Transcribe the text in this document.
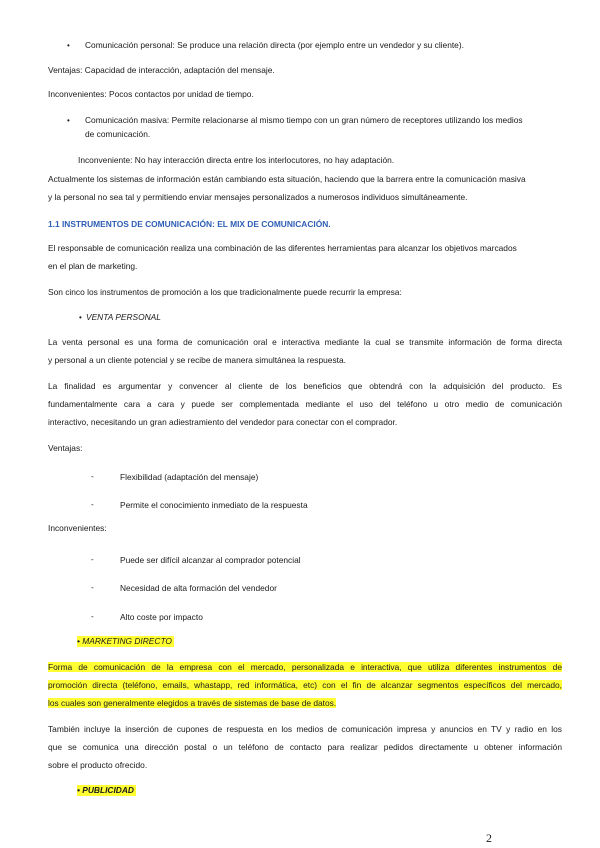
• Comunicación personal: Se produce una relación directa (por ejemplo entre un vendedor y su cliente).
Ventajas: Capacidad de interacción, adaptación del mensaje.
Inconvenientes: Pocos contactos por unidad de tiempo.
• Comunicación masiva: Permite relacionarse al mismo tiempo con un gran número de receptores utilizando los medios
de comunicación.
Inconveniente: No hay interacción directa entre los interlocutores, no hay adaptación.
Actualmente los sistemas de información están cambiando esta situación, haciendo que la barrera entre la comunicación masiva
y la personal no sea tal y permitiendo enviar mensajes personalizados a numerosos individuos simultáneamente.
1.1 INSTRUMENTOS DE COMUNICACIÓN: EL MIX DE COMUNICACIÓN.
El responsable de comunicación realiza una combinación de las diferentes herramientas para alcanzar los objetivos marcados
en el plan de marketing.
Son cinco los instrumentos de promoción a los que tradicionalmente puede recurrir la empresa:
• VENTA PERSONAL
La venta personal es una forma de comunicación oral e interactiva mediante la cual se transmite información de forma directa
y personal a un cliente potencial y se recibe de manera simultánea la respuesta.
La finalidad es argumentar y convencer al cliente de los beneficios que obtendrá con la adquisición del producto. Es
fundamentalmente cara a cara y puede ser complementada mediante el uso del teléfono u otro medio de comunicación
interactivo, necesitando un gran adiestramiento del vendedor para conectar con el comprador.
Ventajas:
-	Flexibilidad (adaptación del mensaje)
-	Permite el conocimiento inmediato de la respuesta
Inconvenientes:
-	Puede ser difícil alcanzar al comprador potencial
-	Necesidad de alta formación del vendedor
-	Alto coste por impacto
• MARKETING DIRECTO
Forma de comunicación de la empresa con el mercado, personalizada e interactiva, que utiliza diferentes instrumentos de
promoción directa (teléfono, emails, whastapp, red informática, etc) con el fin de alcanzar segmentos específicos del mercado,
los cuales son generalmente elegidos a través de sistemas de base de datos.
También incluye la inserción de cupones de respuesta en los medios de comunicación impresa y anuncios en TV y radio en los
que se comunica una dirección postal o un teléfono de contacto para realizar pedidos directamente u obtener información
sobre el producto ofrecido.
• PUBLICIDAD
2
